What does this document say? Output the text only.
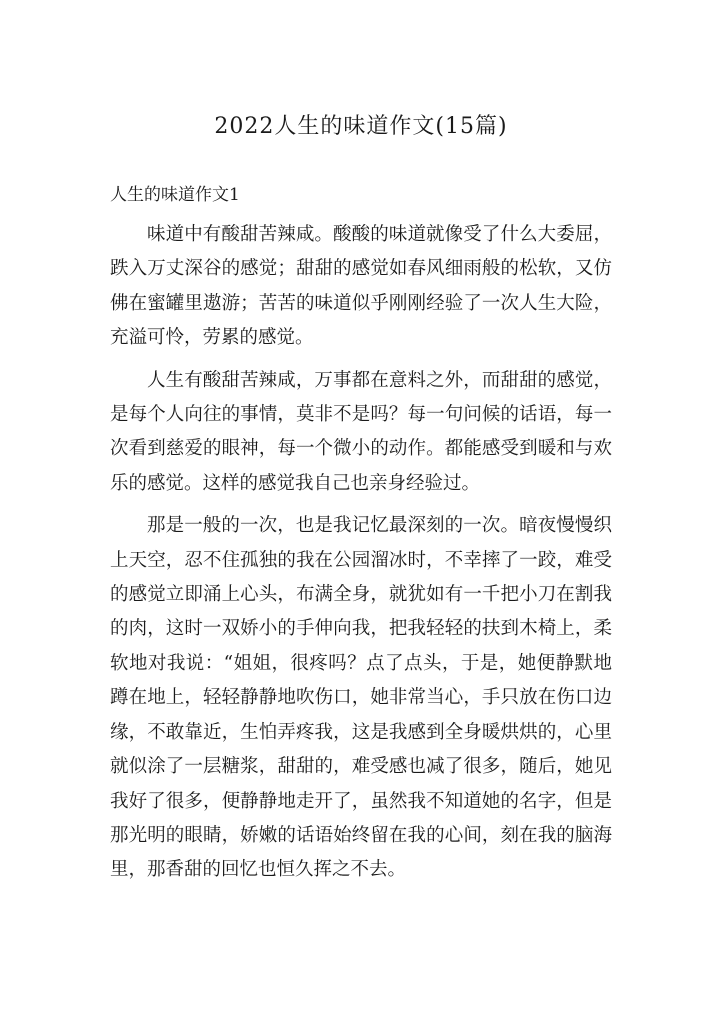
2022人生的味道作文(15篇)
人生的味道作文1

味道中有酸甜苦辣咸。酸酸的味道就像受了什么大委屈，跌入万丈深谷的感觉；甜甜的感觉如春风细雨般的松软，又仿佛在蜜罐里遨游；苦苦的味道似乎刚刚经验了一次人生大险，充溢可怜，劳累的感觉。

人生有酸甜苦辣咸，万事都在意料之外，而甜甜的感觉，是每个人向往的事情，莫非不是吗？每一句问候的话语，每一次看到慈爱的眼神，每一个微小的动作。都能感受到暖和与欢乐的感觉。这样的感觉我自己也亲身经验过。

那是一般的一次，也是我记忆最深刻的一次。暗夜慢慢织上天空，忍不住孤独的我在公园溜冰时，不幸摔了一跤，难受的感觉立即涌上心头，布满全身，就犹如有一千把小刀在割我的肉，这时一双娇小的手伸向我，把我轻轻的扶到木椅上，柔软地对我说：“姐姐，很疼吗？点了点头，于是，她便静默地蹲在地上，轻轻静静地吹伤口，她非常当心，手只放在伤口边缘，不敢靠近，生怕弄疼我，这是我感到全身暖烘烘的，心里就似涂了一层糖浆，甜甜的，难受感也减了很多，随后，她见我好了很多，便静静地走开了，虽然我不知道她的名字，但是那光明的眼睛，娇嫩的话语始终留在我的心间，刻在我的脑海里，那香甜的回忆也恒久挥之不去。
